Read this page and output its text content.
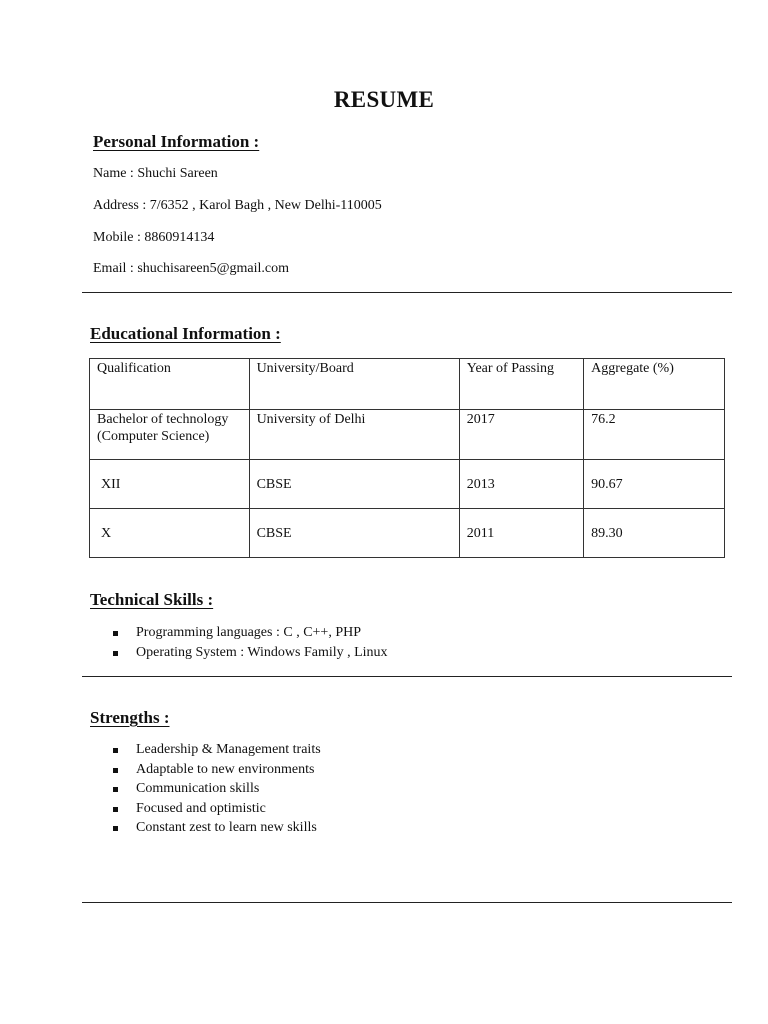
RESUME
Personal Information :
Name : Shuchi Sareen
Address : 7/6352 , Karol Bagh , New Delhi-110005
Mobile : 8860914134
Email : shuchisareen5@gmail.com
Educational Information :
Qualification	University/Board	Year of Passing	Aggregate (%)

Bachelor of technology
(Computer Science)	University of Delhi	2017	76.2
XII	CBSE	2013	90.67
X	CBSE	2011	89.30
Technical Skills :
Programming languages : C , C++, PHP
Operating System : Windows Family , Linux
Strengths :
Leadership & Management traits
Adaptable to new environments
Communication skills
Focused and optimistic
Constant zest to learn new skills
